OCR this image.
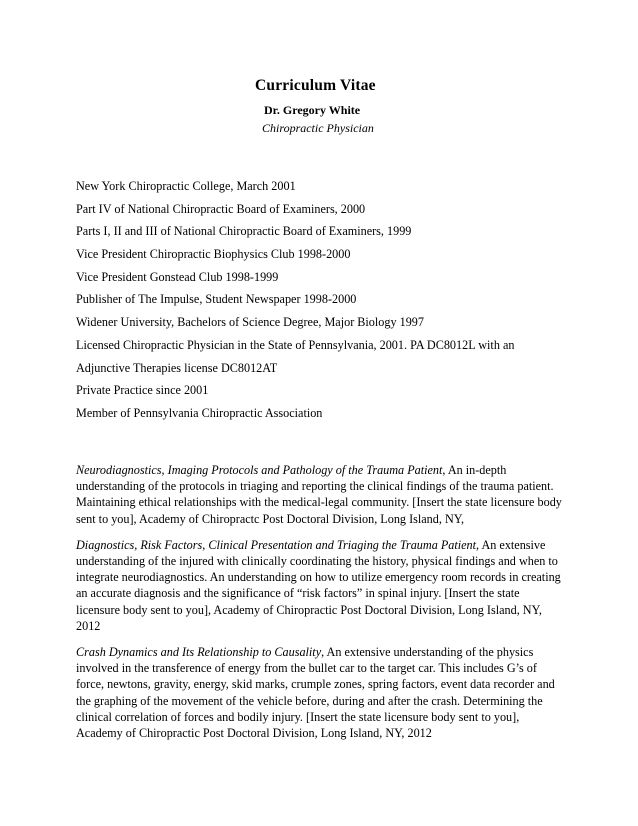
Curriculum Vitae
Dr. Gregory White
Chiropractic Physician
New York Chiropractic College, March 2001
Part IV of National Chiropractic Board of Examiners, 2000
Parts I, II and III of National Chiropractic Board of Examiners, 1999
Vice President Chiropractic Biophysics Club 1998-2000
Vice President Gonstead Club 1998-1999
Publisher of The Impulse, Student Newspaper 1998-2000
Widener University, Bachelors of Science Degree, Major Biology 1997
Licensed Chiropractic Physician in the State of Pennsylvania, 2001. PA DC8012L with an
Adjunctive Therapies license DC8012AT
Private Practice since 2001
Member of Pennsylvania Chiropractic Association

Neurodiagnostics, Imaging Protocols and Pathology of the Trauma Patient, An in-depth understanding of the protocols in triaging and reporting the clinical findings of the trauma patient. Maintaining ethical relationships with the medical-legal community. [Insert the state licensure body sent to you], Academy of Chiropractc Post Doctoral Division, Long Island, NY,

Diagnostics, Risk Factors, Clinical Presentation and Triaging the Trauma Patient, An extensive understanding of the injured with clinically coordinating the history, physical findings and when to integrate neurodiagnostics. An understanding on how to utilize emergency room records in creating an accurate diagnosis and the significance of “risk factors” in spinal injury. [Insert the state licensure body sent to you], Academy of Chiropractic Post Doctoral Division, Long Island, NY, 2012

Crash Dynamics and Its Relationship to Causality, An extensive understanding of the physics involved in the transference of energy from the bullet car to the target car. This includes G’s of force, newtons, gravity, energy, skid marks, crumple zones, spring factors, event data recorder and the graphing of the movement of the vehicle before, during and after the crash. Determining the clinical correlation of forces and bodily injury. [Insert the state licensure body sent to you], Academy of Chiropractic Post Doctoral Division, Long Island, NY, 2012
